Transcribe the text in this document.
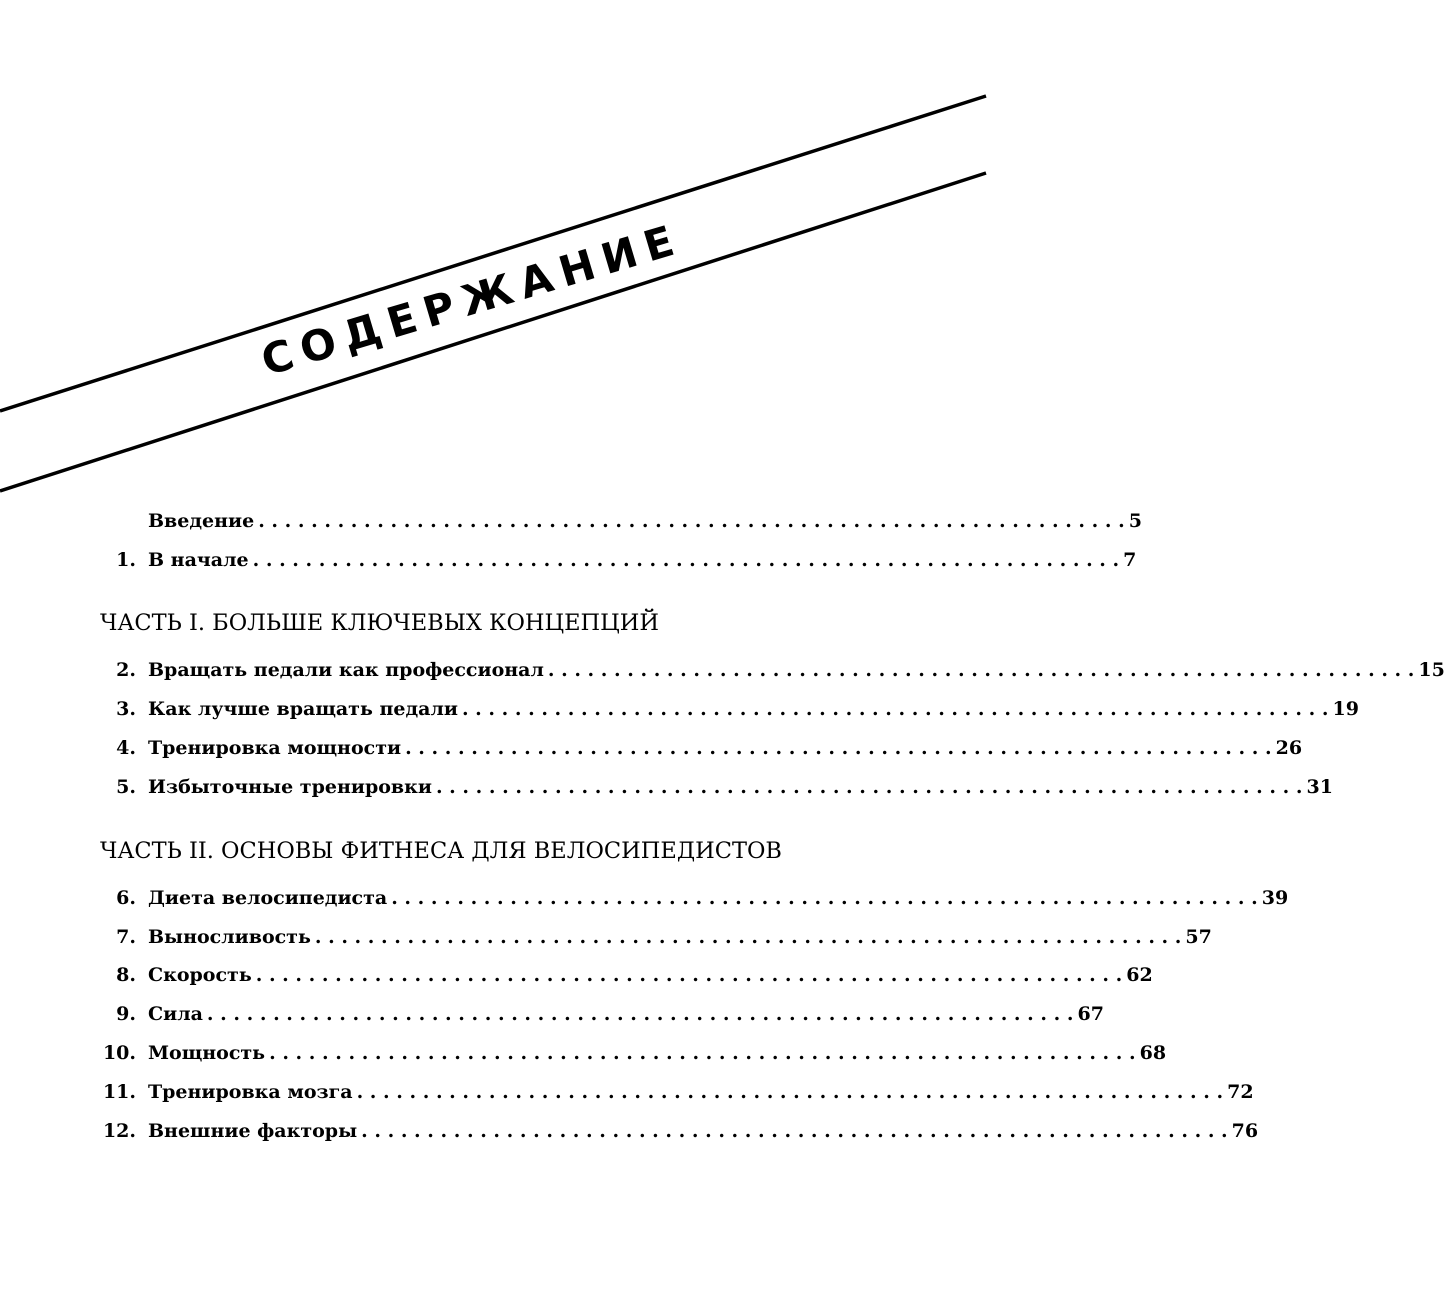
СОДЕРЖАНИЕ
Введение . . . . . . . . . . . . . . . . . . . . . . . . . . . . . . . . . . . . . . . . . . . . . . . . . . . . . . . . . . . . . . . . . . 5
1. В начале . . . . . . . . . . . . . . . . . . . . . . . . . . . . . . . . . . . . . . . . . . . . . . . . . . . . . . . . . . . . . . . . . . 7
ЧАСТЬ I. БОЛЬШЕ КЛЮЧЕВЫХ КОНЦЕПЦИЙ
2. Вращать педали как профессионал . . . . . . . . . . . . . . . . . . . . . . . . . . . . . . . . . . . . . . . . . . . . . . . . . . . . . . . . . . . . . . . . . . 15
3. Как лучше вращать педали . . . . . . . . . . . . . . . . . . . . . . . . . . . . . . . . . . . . . . . . . . . . . . . . . . . . . . . . . . . . . . . . . . 19
4. Тренировка мощности . . . . . . . . . . . . . . . . . . . . . . . . . . . . . . . . . . . . . . . . . . . . . . . . . . . . . . . . . . . . . . . . . . 26
5. Избыточные тренировки . . . . . . . . . . . . . . . . . . . . . . . . . . . . . . . . . . . . . . . . . . . . . . . . . . . . . . . . . . . . . . . . . . 31
ЧАСТЬ II. ОСНОВЫ ФИТНЕСА ДЛЯ ВЕЛОСИПЕДИСТОВ
6. Диета велосипедиста . . . . . . . . . . . . . . . . . . . . . . . . . . . . . . . . . . . . . . . . . . . . . . . . . . . . . . . . . . . . . . . . . . 39
7. Выносливость . . . . . . . . . . . . . . . . . . . . . . . . . . . . . . . . . . . . . . . . . . . . . . . . . . . . . . . . . . . . . . . . . . 57
8. Скорость . . . . . . . . . . . . . . . . . . . . . . . . . . . . . . . . . . . . . . . . . . . . . . . . . . . . . . . . . . . . . . . . . . 62
9. Сила . . . . . . . . . . . . . . . . . . . . . . . . . . . . . . . . . . . . . . . . . . . . . . . . . . . . . . . . . . . . . . . . . . 67
10. Мощность . . . . . . . . . . . . . . . . . . . . . . . . . . . . . . . . . . . . . . . . . . . . . . . . . . . . . . . . . . . . . . . . . . 68
11. Тренировка мозга . . . . . . . . . . . . . . . . . . . . . . . . . . . . . . . . . . . . . . . . . . . . . . . . . . . . . . . . . . . . . . . . . . 72
12. Внешние факторы . . . . . . . . . . . . . . . . . . . . . . . . . . . . . . . . . . . . . . . . . . . . . . . . . . . . . . . . . . . . . . . . . . 76
